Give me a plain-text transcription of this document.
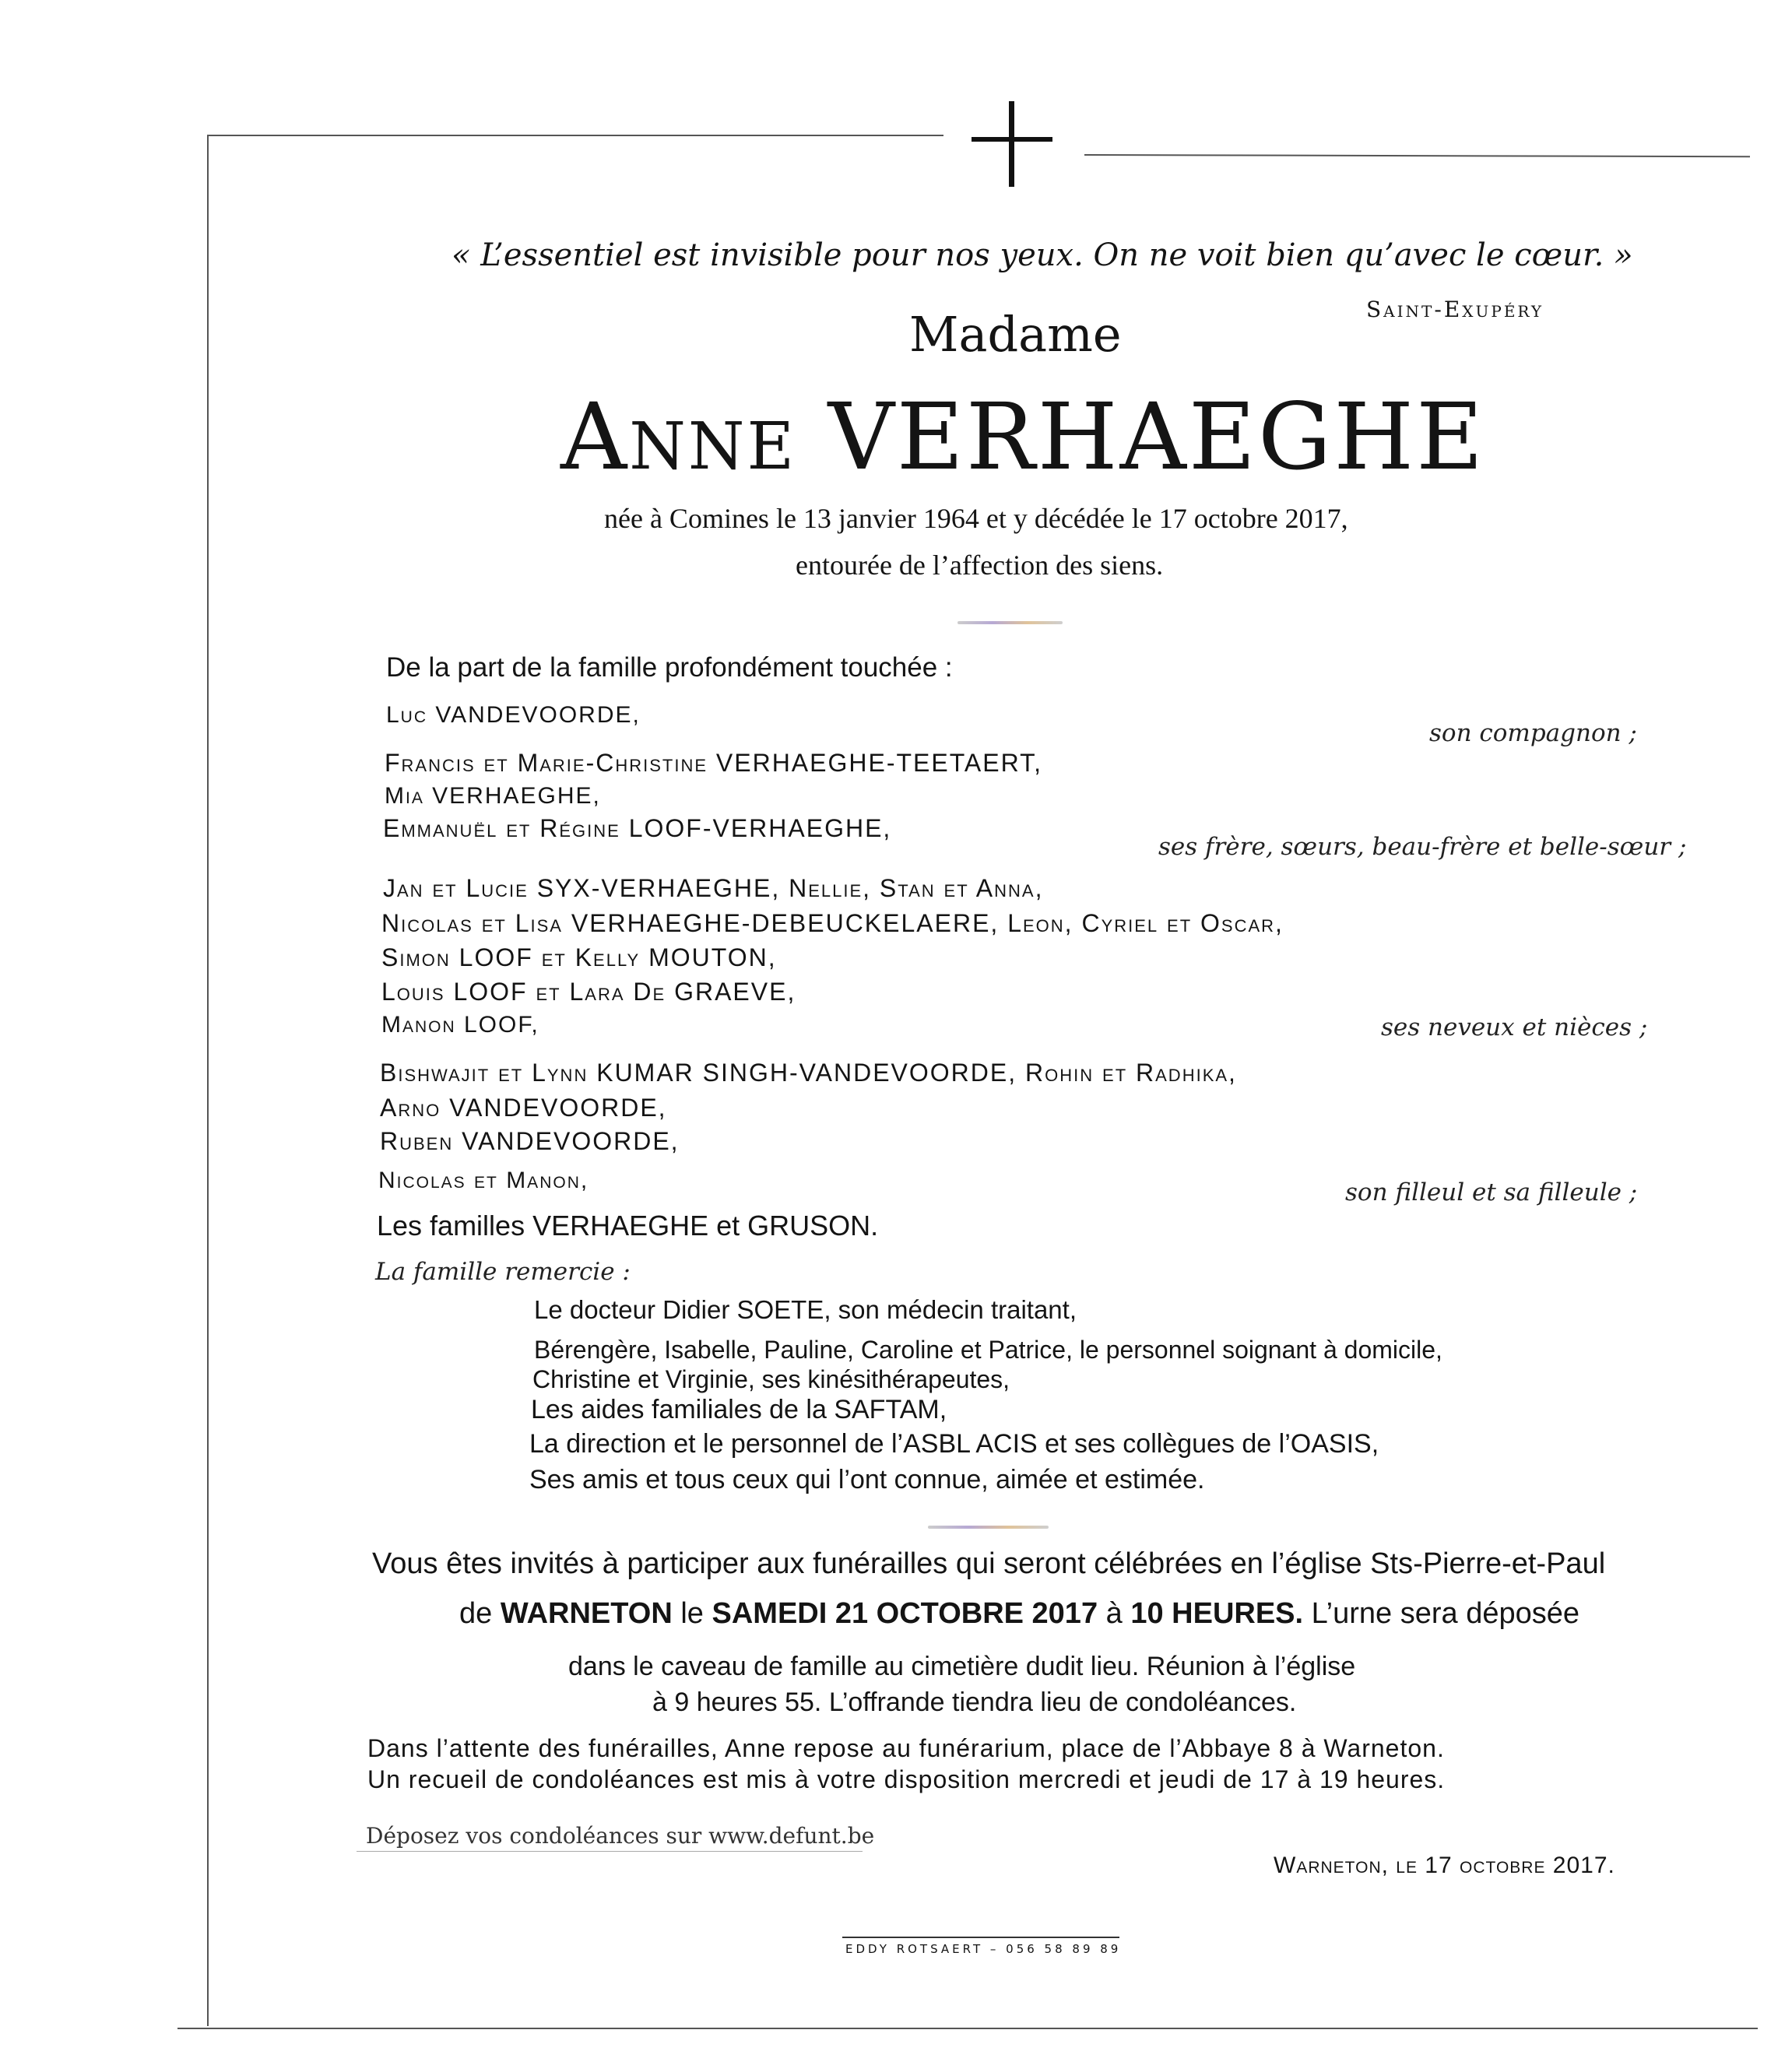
« L’essentiel est invisible pour nos yeux. On ne voit bien qu’avec le cœur. »
Saint-Exupéry
Madame
Anne VERHAEGHE
née à Comines le 13 janvier 1964 et y décédée le 17 octobre 2017,
entourée de l’affection des siens.
De la part de la famille profondément touchée :
Luc VANDEVOORDE,
son compagnon ;
Francis et Marie-Christine VERHAEGHE-TEETAERT,
Mia VERHAEGHE,
Emmanuël et Régine LOOF-VERHAEGHE,
ses frère, sœurs, beau-frère et belle-sœur ;
Jan et Lucie SYX-VERHAEGHE, Nellie, Stan et Anna,
Nicolas et Lisa VERHAEGHE-DEBEUCKELAERE, Leon, Cyriel et Oscar,
Simon LOOF et Kelly MOUTON,
Louis LOOF et Lara De GRAEVE,
Manon LOOF,	ses neveux et nièces ;
Bishwajit et Lynn KUMAR SINGH-VANDEVOORDE, Rohin et Radhika,
Arno VANDEVOORDE,
Ruben VANDEVOORDE,
Nicolas et Manon,	son filleul et sa filleule ;
Les familles VERHAEGHE et GRUSON.
La famille remercie :
Le docteur Didier SOETE, son médecin traitant,
Bérengère, Isabelle, Pauline, Caroline et Patrice, le personnel soignant à domicile,
Christine et Virginie, ses kinésithérapeutes,
Les aides familiales de la SAFTAM,
La direction et le personnel de l’ASBL ACIS et ses collègues de l’OASIS,
Ses amis et tous ceux qui l’ont connue, aimée et estimée.
Vous êtes invités à participer aux funérailles qui seront célébrées en l’église Sts-Pierre-et-Paul
de WARNETON le SAMEDI 21 OCTOBRE 2017 à 10 HEURES. L’urne sera déposée
dans le caveau de famille au cimetière dudit lieu. Réunion à l’église
à 9 heures 55. L’offrande tiendra lieu de condoléances.
Dans l’attente des funérailles, Anne repose au funérarium, place de l’Abbaye 8 à Warneton.
Un recueil de condoléances est mis à votre disposition mercredi et jeudi de 17 à 19 heures.
Déposez vos condoléances sur www.defunt.be
Warneton, le 17 octobre 2017.
EDDY ROTSAERT – 056 58 89 89
